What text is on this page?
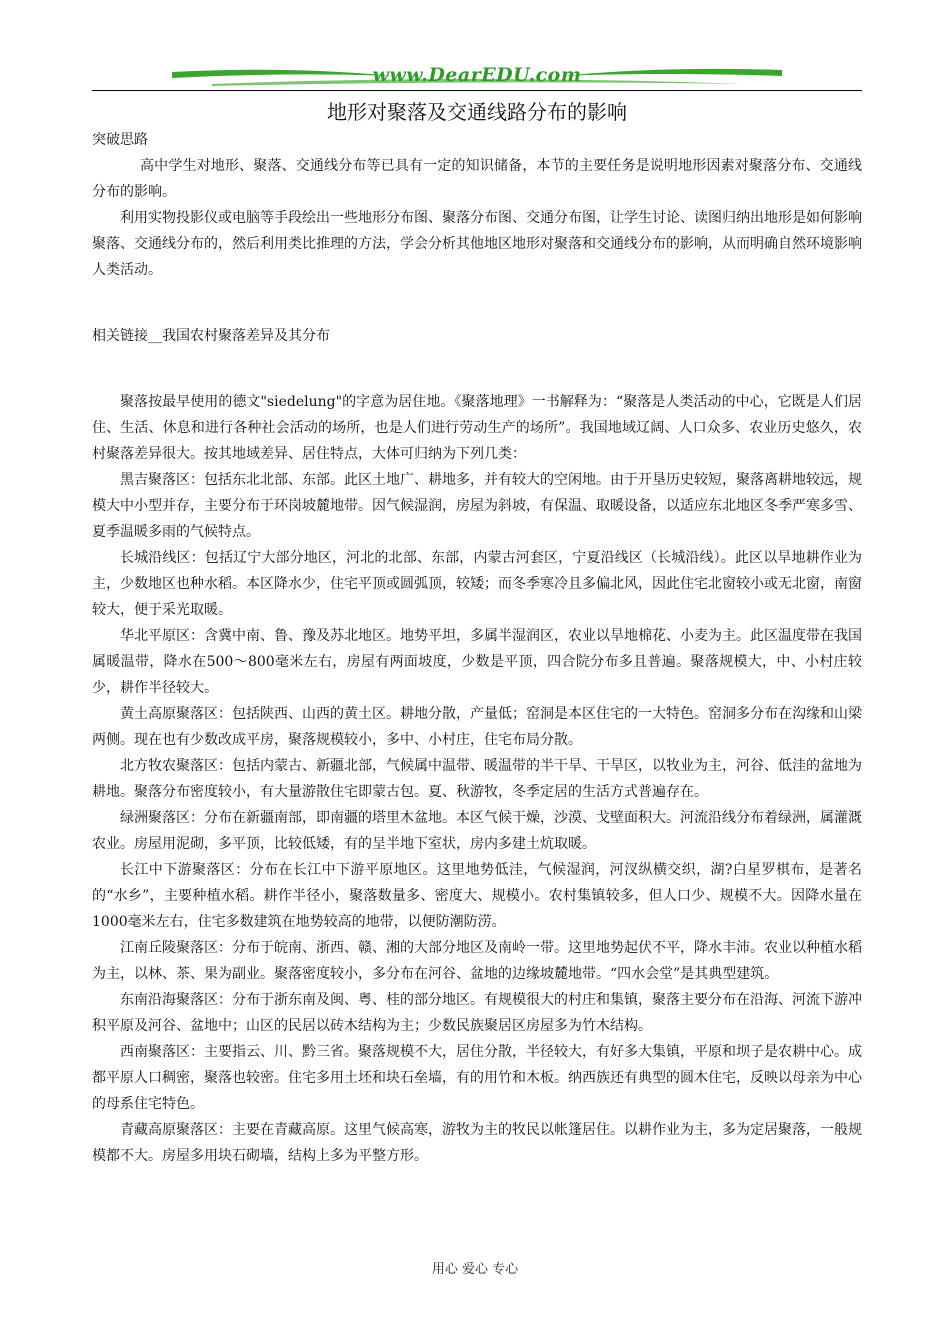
www.DearEDU.com
地形对聚落及交通线路分布的影响

突破思路

高中学生对地形、聚落、交通线分布等已具有一定的知识储备，本节的主要任务是说明地形因素对聚落分布、交通线分布的影响。

利用实物投影仪或电脑等手段绘出一些地形分布图、聚落分布图、交通分布图，让学生讨论、读图归纳出地形是如何影响聚落、交通线分布的，然后利用类比推理的方法，学会分析其他地区地形对聚落和交通线分布的影响，从而明确自然环境影响人类活动。

相关链接__我国农村聚落差异及其分布

聚落按最早使用的德文"siedelung"的字意为居住地。《聚落地理》一书解释为：“聚落是人类活动的中心，它既是人们居住、生活、休息和进行各种社会活动的场所，也是人们进行劳动生产的场所”。我国地域辽阔、人口众多、农业历史悠久，农村聚落差异很大。按其地域差异、居住特点，大体可归纳为下列几类：

黑吉聚落区：包括东北北部、东部。此区土地广、耕地多，并有较大的空闲地。由于开垦历史较短，聚落离耕地较远，规模大中小型并存，主要分布于环岗坡麓地带。因气候湿润，房屋为斜坡，有保温、取暖设备，以适应东北地区冬季严寒多雪、夏季温暖多雨的气候特点。

长城沿线区：包括辽宁大部分地区，河北的北部、东部，内蒙古河套区，宁夏沿线区（长城沿线）。此区以旱地耕作业为主，少数地区也种水稻。本区降水少，住宅平顶或圆弧顶，较矮；而冬季寒冷且多偏北风，因此住宅北窗较小或无北窗，南窗较大，便于采光取暖。

华北平原区：含冀中南、鲁、豫及苏北地区。地势平坦，多属半湿润区，农业以旱地棉花、小麦为主。此区温度带在我国属暖温带，降水在500～800毫米左右，房屋有两面坡度，少数是平顶，四合院分布多且普遍。聚落规模大，中、小村庄较少，耕作半径较大。

黄土高原聚落区：包括陕西、山西的黄土区。耕地分散，产量低；窑洞是本区住宅的一大特色。窑洞多分布在沟缘和山梁两侧。现在也有少数改成平房，聚落规模较小，多中、小村庄，住宅布局分散。

北方牧农聚落区：包括内蒙古、新疆北部，气候属中温带、暖温带的半干旱、干旱区，以牧业为主，河谷、低洼的盆地为耕地。聚落分布密度较小，有大量游散住宅即蒙古包。夏、秋游牧，冬季定居的生活方式普遍存在。

绿洲聚落区：分布在新疆南部，即南疆的塔里木盆地。本区气候干燥，沙漠、戈壁面积大。河流沿线分布着绿洲，属灌溉农业。房屋用泥砌，多平顶，比较低矮，有的呈半地下室状，房内多建土炕取暖。

长江中下游聚落区：分布在长江中下游平原地区。这里地势低洼，气候湿润，河汊纵横交织，湖?白星罗棋布，是著名的“水乡”，主要种植水稻。耕作半径小，聚落数量多、密度大、规模小。农村集镇较多，但人口少、规模不大。因降水量在1000毫米左右，住宅多数建筑在地势较高的地带，以便防潮防涝。

江南丘陵聚落区：分布于皖南、浙西、赣、湘的大部分地区及南岭一带。这里地势起伏不平，降水丰沛。农业以种植水稻为主，以林、茶、果为副业。聚落密度较小，多分布在河谷、盆地的边缘坡麓地带。“四水会堂”是其典型建筑。

东南沿海聚落区：分布于浙东南及闽、粤、桂的部分地区。有规模很大的村庄和集镇，聚落主要分布在沿海、河流下游冲积平原及河谷、盆地中；山区的民居以砖木结构为主；少数民族聚居区房屋多为竹木结构。

西南聚落区：主要指云、川、黔三省。聚落规模不大，居住分散，半径较大，有好多大集镇，平原和坝子是农耕中心。成都平原人口稠密，聚落也较密。住宅多用土坯和块石垒墙，有的用竹和木板。纳西族还有典型的圆木住宅，反映以母亲为中心的母系住宅特色。

青藏高原聚落区：主要在青藏高原。这里气候高寒，游牧为主的牧民以帐篷居住。以耕作业为主，多为定居聚落，一般规模都不大。房屋多用块石砌墙，结构上多为平整方形。

用心 爱心 专心
